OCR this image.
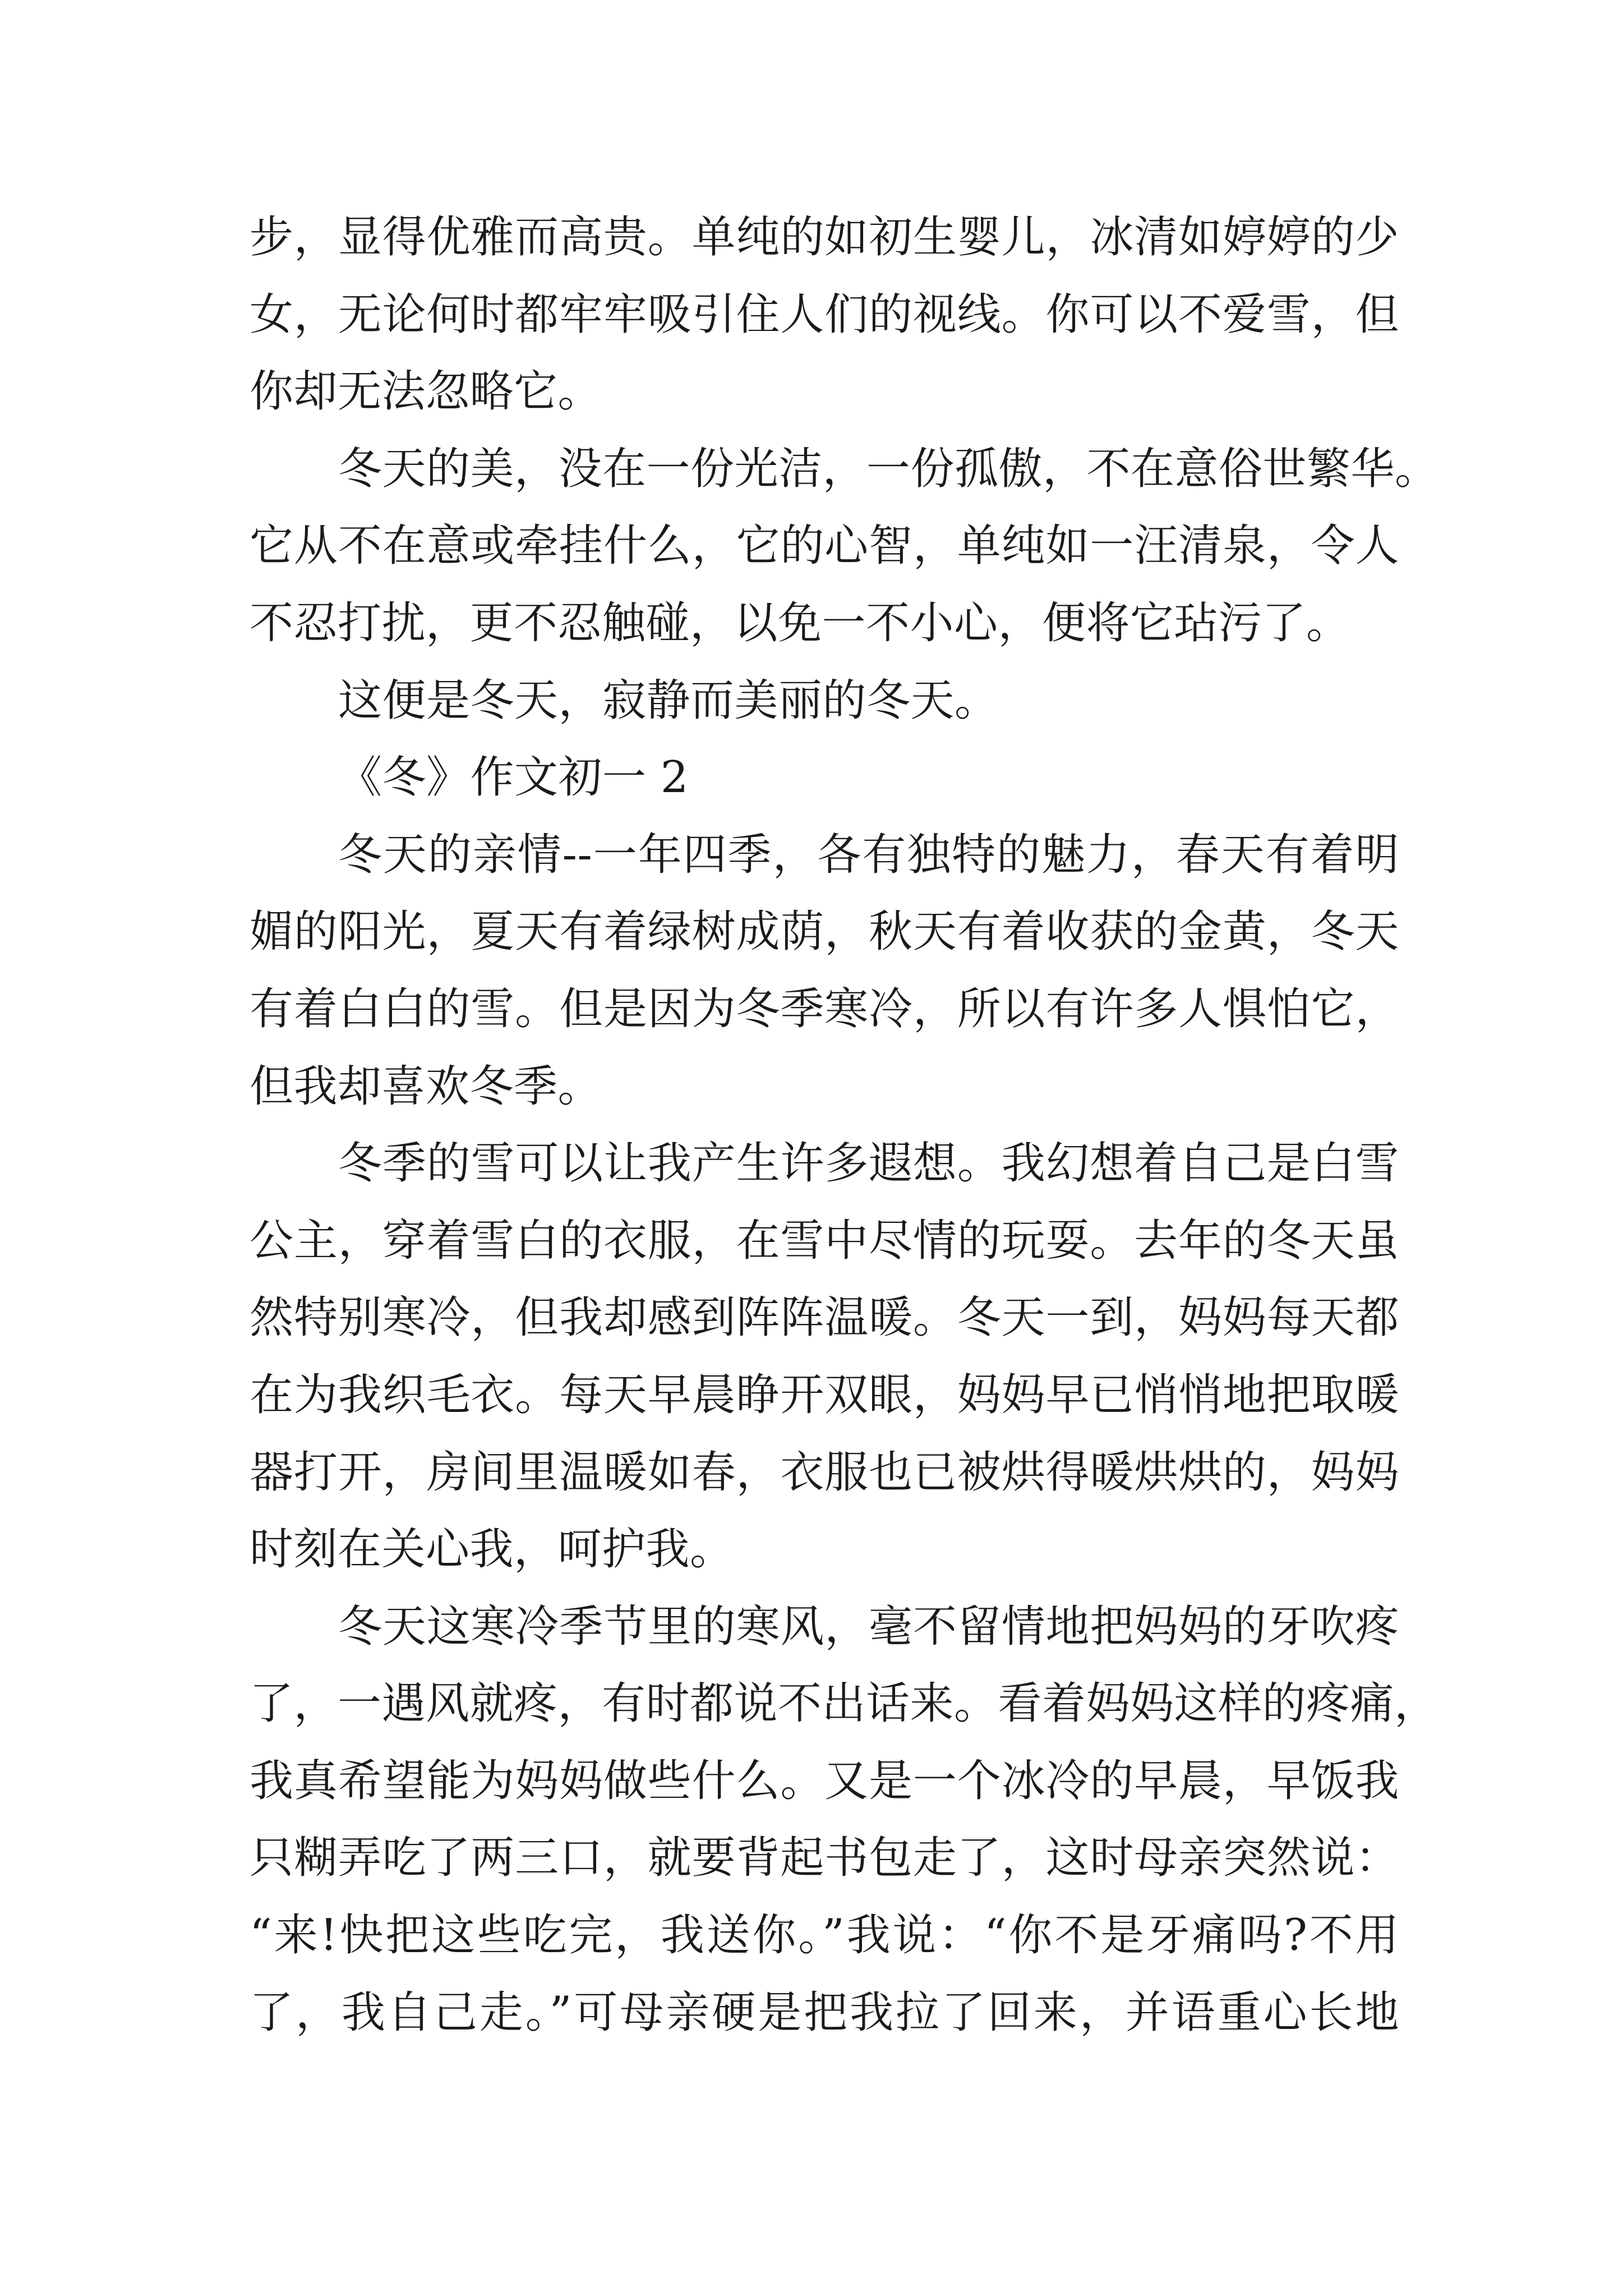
步，显得优雅而高贵。单纯的如初生婴儿，冰清如婷婷的少
女，无论何时都牢牢吸引住人们的视线。你可以不爱雪，但
你却无法忽略它。
冬天的美，没在一份光洁，一份孤傲，不在意俗世繁华。
它从不在意或牵挂什么，它的心智，单纯如一汪清泉，令人
不忍打扰，更不忍触碰，以免一不小心，便将它玷污了。
这便是冬天，寂静而美丽的冬天。
《冬》作文初一 2
冬天的亲情--一年四季，各有独特的魅力，春天有着明
媚的阳光，夏天有着绿树成荫，秋天有着收获的金黄，冬天
有着白白的雪。但是因为冬季寒冷，所以有许多人惧怕它，
但我却喜欢冬季。
冬季的雪可以让我产生许多遐想。我幻想着自己是白雪
公主，穿着雪白的衣服，在雪中尽情的玩耍。去年的冬天虽
然特别寒冷，但我却感到阵阵温暖。冬天一到，妈妈每天都
在为我织毛衣。每天早晨睁开双眼，妈妈早已悄悄地把取暖
器打开，房间里温暖如春，衣服也已被烘得暖烘烘的，妈妈
时刻在关心我，呵护我。
冬天这寒冷季节里的寒风，毫不留情地把妈妈的牙吹疼
了，一遇风就疼，有时都说不出话来。看着妈妈这样的疼痛，
我真希望能为妈妈做些什么。又是一个冰冷的早晨，早饭我
只糊弄吃了两三口，就要背起书包走了，这时母亲突然说：
“来!快把这些吃完，我送你。”我说：“你不是牙痛吗?不用
了，我自己走。”可母亲硬是把我拉了回来，并语重心长地
